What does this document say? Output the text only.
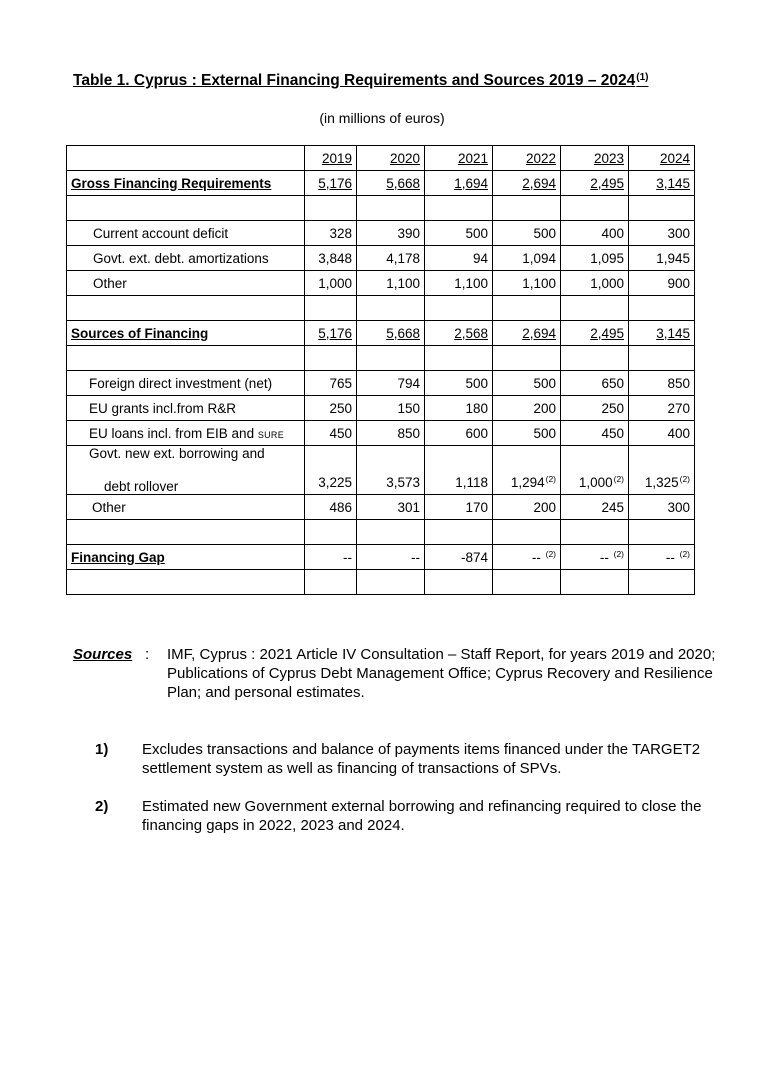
Table 1. Cyprus : External Financing Requirements and Sources 2019 – 2024$^{(1)}$
(in millions of euros)
	2019	2020	2021	2022	2023	2024
Gross Financing Requirements	5,176	5,668	1,694	2,694	2,495	3,145

Current account deficit	328	390	500	500	400	300
Govt. ext. debt. amortizations	3,848	4,178	94	1,094	1,095	1,945
Other	1,000	1,100	1,100	1,100	1,000	900

Sources of Financing	5,176	5,668	2,568	2,694	2,495	3,145

Foreign direct investment (net)	765	794	500	500	650	850
EU grants incl.from R&R	250	150	180	200	250	270
EU loans incl. from EIB and SURE	450	850	600	500	450	400

Govt. new ext. borrowing and
debt rollover	3,225	3,573	1,118	1,294$^{(2)}$	1,000$^{(2)}$	1,325$^{(2)}$
Other	486	301	170	200	245	300

Financing Gap	--	--	-874	-- $^{(2)}$	-- $^{(2)}$	-- $^{(2)}$

Sources : IMF, Cyprus : 2021 Article IV Consultation – Staff Report, for years 2019 and 2020; Publications of Cyprus Debt Management Office; Cyprus Recovery and Resilience Plan; and personal estimates.
1) Excludes transactions and balance of payments items financed under the TARGET2 settlement system as well as financing of transactions of SPVs.
2) Estimated new Government external borrowing and refinancing required to close the financing gaps in 2022, 2023 and 2024.
